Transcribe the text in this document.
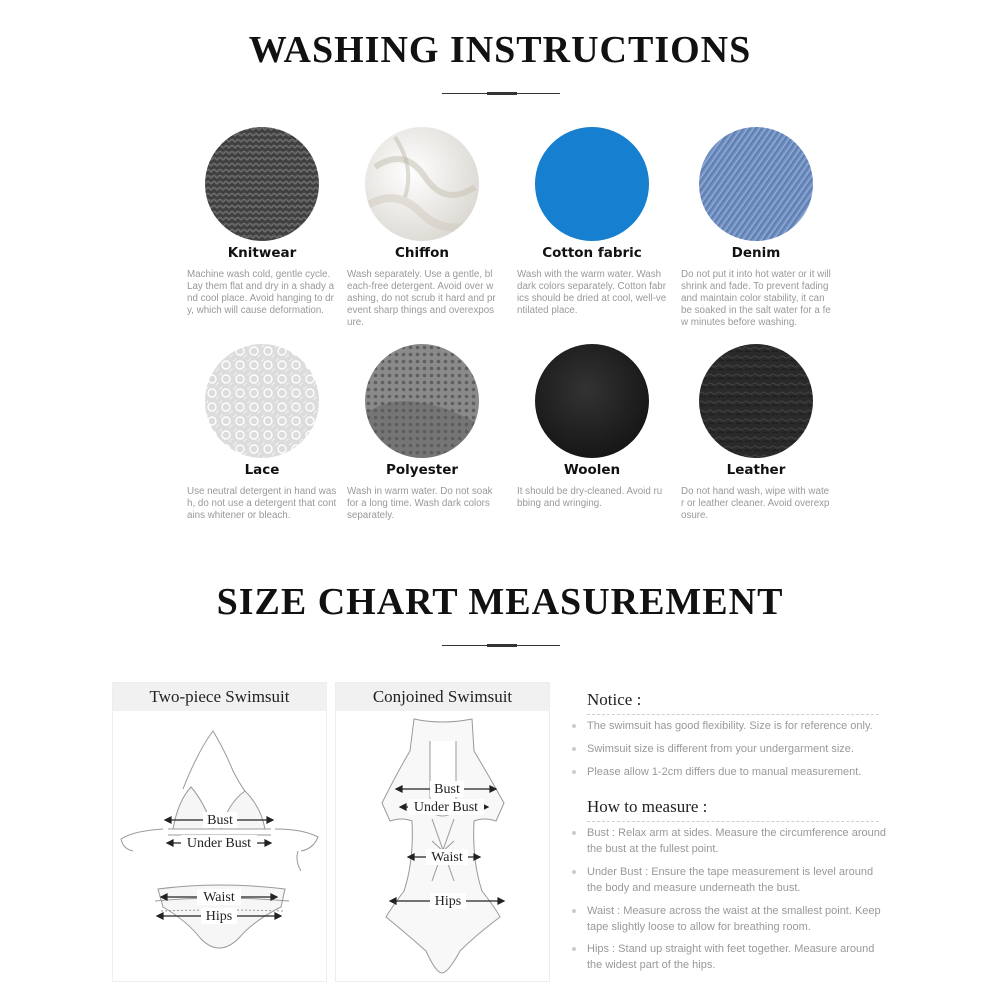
WASHING INSTRUCTIONS
Knitwear
Machine wash cold, gentle cycle. Lay them flat and dry in a shady and cool place. Avoid hanging to dry, which will cause deformation.
Chiffon
Wash separately. Use a gentle, bleach-free detergent. Avoid over washing, do not scrub it hard and prevent sharp things and overexposure.
Cotton fabric
Wash with the warm water. Wash dark colors separately. Cotton fabrics should be dried at cool, well-ventilated place.
Denim
Do not put it into hot water or it will shrink and fade. To prevent fading and maintain color stability, it can be soaked in the salt water for a few minutes before washing.
Lace
Use neutral detergent in hand wash, do not use a detergent that contains whitener or bleach.
Polyester
Wash in warm water. Do not soak for a long time. Wash dark colors separately.
Woolen
It should be dry-cleaned. Avoid rubbing and wringing.
Leather
Do not hand wash, wipe with water or leather cleaner. Avoid overexposure.
SIZE CHART MEASUREMENT
Two-piece Swimsuit
Bust
Under Bust
Waist
Hips
Conjoined Swimsuit
Bust
Under Bust
Waist
Hips
Notice :
The swimsuit has good flexibility. Size is for reference only.
Swimsuit size is different from your undergarment size.
Please allow 1-2cm differs due to manual measurement.
How to measure :
Bust : Relax arm at sides. Measure the circumference around the bust at the fullest point.
Under Bust : Ensure the tape measurement is level around the body and measure underneath the bust.
Waist : Measure across the waist at the smallest point. Keep tape slightly loose to allow for breathing room.
Hips : Stand up straight with feet together. Measure around the widest part of the hips.
